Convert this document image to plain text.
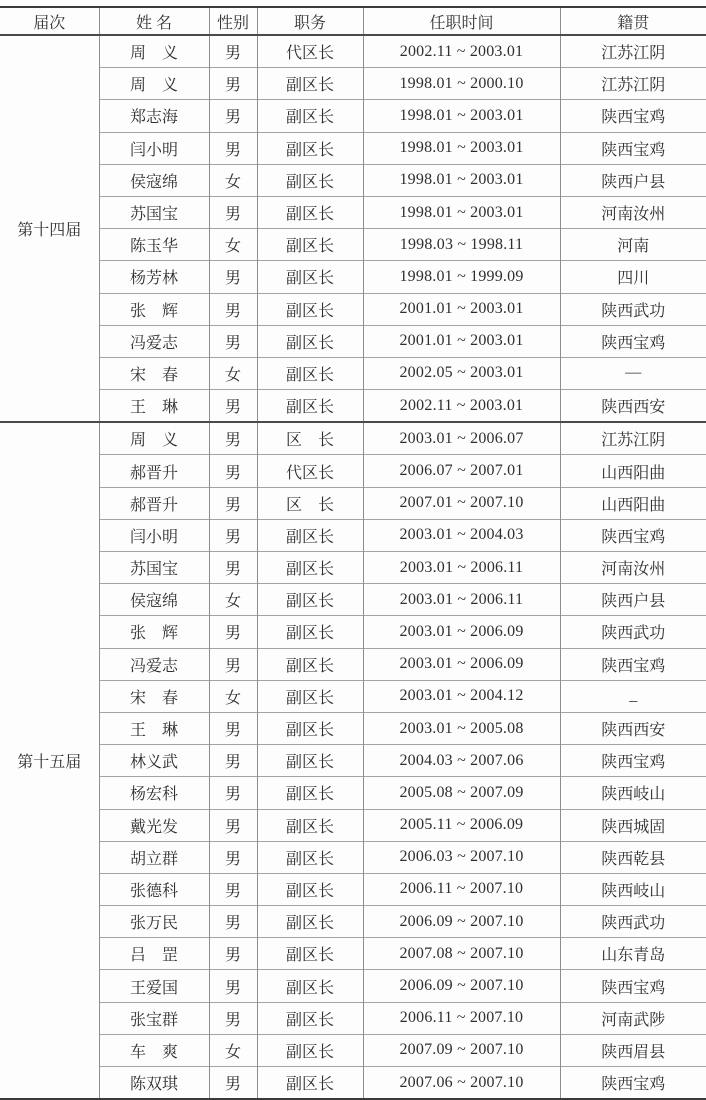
届次	姓 名	性别	职务	任职时间	籍贯
第十四届	周　义	男	代区长	2002.11 ~ 2003.01	江苏江阴
	周　义	男	副区长	1998.01 ~ 2000.10	江苏江阴
	郑志海	男	副区长	1998.01 ~ 2003.01	陕西宝鸡
	闫小明	男	副区长	1998.01 ~ 2003.01	陕西宝鸡
	侯寇绵	女	副区长	1998.01 ~ 2003.01	陕西户县
	苏国宝	男	副区长	1998.01 ~ 2003.01	河南汝州
	陈玉华	女	副区长	1998.03 ~ 1998.11	河南
	杨芳林	男	副区长	1998.01 ~ 1999.09	四川
	张　辉	男	副区长	2001.01 ~ 2003.01	陕西武功
	冯爱志	男	副区长	2001.01 ~ 2003.01	陕西宝鸡
	宋　春	女	副区长	2002.05 ~ 2003.01	—
	王　琳	男	副区长	2002.11 ~ 2003.01	陕西西安
第十五届	周　义	男	区　长	2003.01 ~ 2006.07	江苏江阴
	郝晋升	男	代区长	2006.07 ~ 2007.01	山西阳曲
	郝晋升	男	区　长	2007.01 ~ 2007.10	山西阳曲
	闫小明	男	副区长	2003.01 ~ 2004.03	陕西宝鸡
	苏国宝	男	副区长	2003.01 ~ 2006.11	河南汝州
	侯寇绵	女	副区长	2003.01 ~ 2006.11	陕西户县
	张　辉	男	副区长	2003.01 ~ 2006.09	陕西武功
	冯爱志	男	副区长	2003.01 ~ 2006.09	陕西宝鸡
	宋　春	女	副区长	2003.01 ~ 2004.12	_
	王　琳	男	副区长	2003.01 ~ 2005.08	陕西西安
	林义武	男	副区长	2004.03 ~ 2007.06	陕西宝鸡
	杨宏科	男	副区长	2005.08 ~ 2007.09	陕西岐山
	戴光发	男	副区长	2005.11 ~ 2006.09	陕西城固
	胡立群	男	副区长	2006.03 ~ 2007.10	陕西乾县
	张德科	男	副区长	2006.11 ~ 2007.10	陕西岐山
	张万民	男	副区长	2006.09 ~ 2007.10	陕西武功
	吕　罡	男	副区长	2007.08 ~ 2007.10	山东青岛
	王爱国	男	副区长	2006.09 ~ 2007.10	陕西宝鸡
	张宝群	男	副区长	2006.11 ~ 2007.10	河南武陟
	车　爽	女	副区长	2007.09 ~ 2007.10	陕西眉县
	陈双琪	男	副区长	2007.06 ~ 2007.10	陕西宝鸡
